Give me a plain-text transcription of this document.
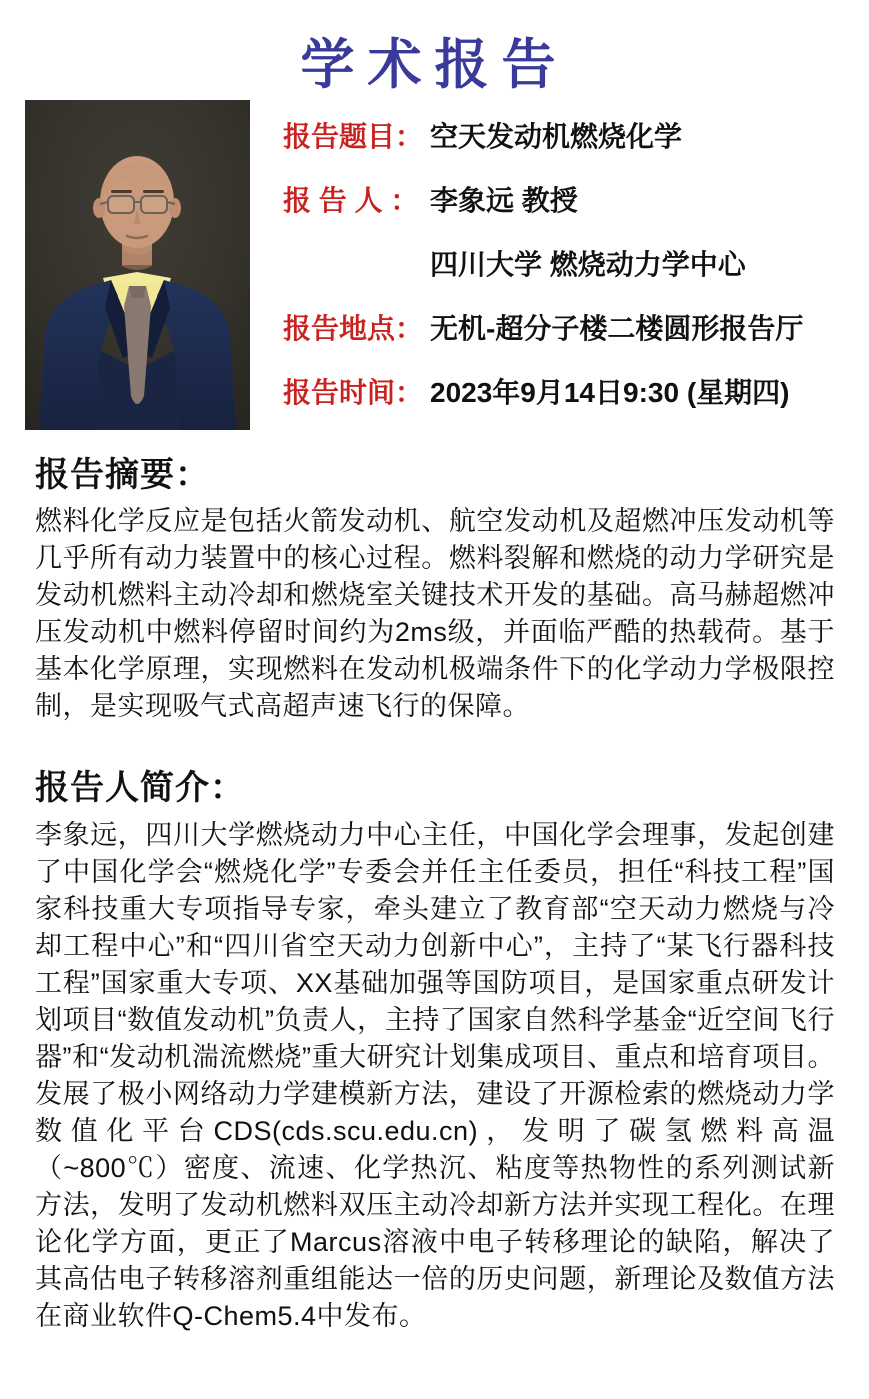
学术报告
报告题目： 空天发动机燃烧化学
报 告 人 ： 李象远 教授
四川大学 燃烧动力学中心
报告地点： 无机-超分子楼二楼圆形报告厅
报告时间： 2023年9月14日9:30 (星期四)
报告摘要：

燃料化学反应是包括火箭发动机、航空发动机及超燃冲压发动机等几乎所有动力装置中的核心过程。燃料裂解和燃烧的动力学研究是发动机燃料主动冷却和燃烧室关键技术开发的基础。高马赫超燃冲压发动机中燃料停留时间约为2ms级，并面临严酷的热载荷。基于基本化学原理，实现燃料在发动机极端条件下的化学动力学极限控制，是实现吸气式高超声速飞行的保障。

报告人简介：

李象远，四川大学燃烧动力中心主任，中国化学会理事，发起创建了中国化学会“燃烧化学”专委会并任主任委员，担任“科技工程”国家科技重大专项指导专家，牵头建立了教育部“空天动力燃烧与冷却工程中心”和“四川省空天动力创新中心”，主持了“某飞行器科技工程”国家重大专项、XX基础加强等国防项目，是国家重点研发计划项目“数值发动机”负责人，主持了国家自然科学基金“近空间飞行器”和“发动机湍流燃烧”重大研究计划集成项目、重点和培育项目。发展了极小网络动力学建模新方法，建设了开源检索的燃烧动力学数值化平台CDS(cds.scu.edu.cn)，发明了碳氢燃料高温（~800℃）密度、流速、化学热沉、粘度等热物性的系列测试新方法，发明了发动机燃料双压主动冷却新方法并实现工程化。在理论化学方面，更正了Marcus溶液中电子转移理论的缺陷，解决了其高估电子转移溶剂重组能达一倍的历史问题，新理论及数值方法在商业软件Q-Chem5.4中发布。
